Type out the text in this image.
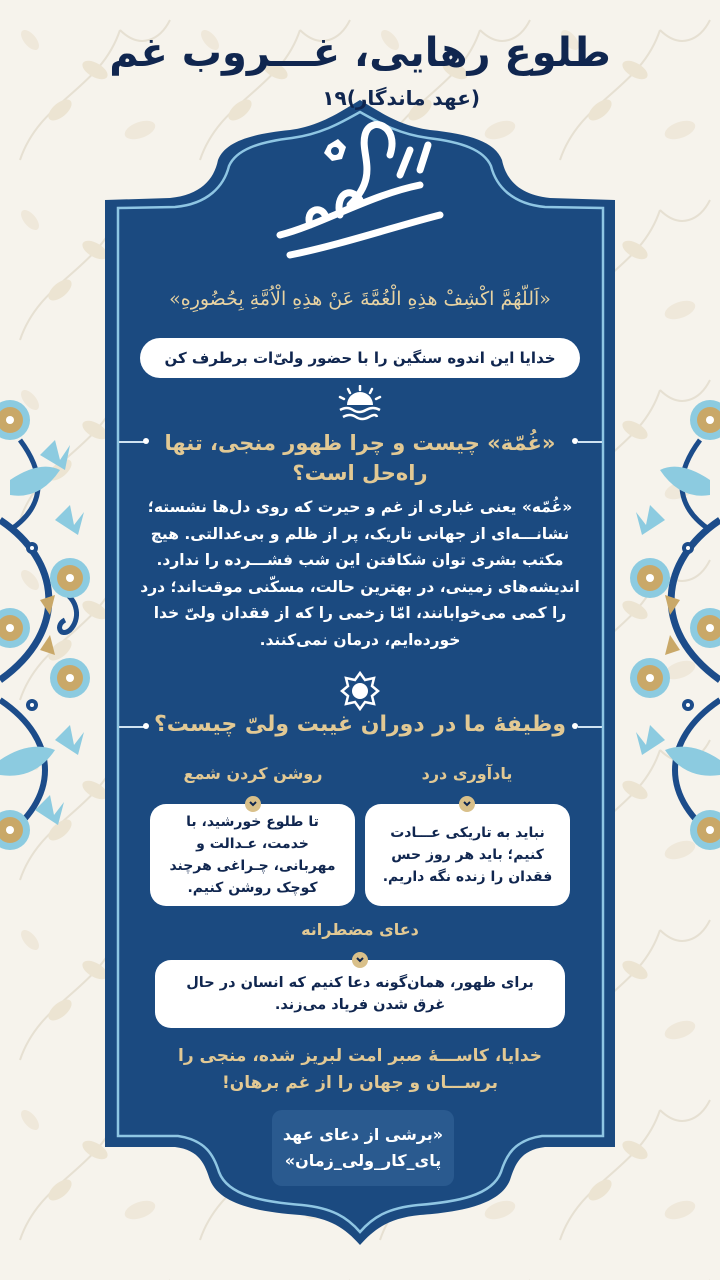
طلوع رهایی، غـــروب غم
(عهد ماندگار)۱۹
«اَللّهُمَّ اكْشِفْ هذِهِ الْغُمَّةَ عَنْ هذِهِ الْاُمَّةِ بِحُضُورِهِ»
خدایا این اندوه سنگین را با حضور ولیّ‌ات برطرف کن
«غُمّة» چیست و چرا ظهور منجی، تنها راه‌حل است؟
«غُمّه» یعنی غباری از غم و حیرت که روی دل‌ها نشسته؛ نشانـــه‌ای از جهانی تاریک، پر از ظلم و بی‌عدالتی. هیچ مکتب بشری توان شکافتن این شب فشـــرده را ندارد. اندیشه‌های زمینی، در بهترین حالت، مسکّنی موقت‌اند؛ درد را کمی می‌خوابانند، امّا زخمی را که از فقدان ولیّ خدا خورده‌ایم، درمان نمی‌کنند.
وظیفهٔ ما در دوران غیبت ولیّ چیست؟
یادآوری درد
نباید به تاریکی عـــادت کنیم؛ باید هر روز حس فقدان را زنده نگه داریم.
روشن کردن شمع
تا طلوع خورشید، با خدمت، عـدالت و مهربانی، چـراغی هرچند کوچک روشن کنیم.
دعای مضطرانه
برای ظهور، همان‌گونه دعا کنیم که انسان در حال غرق شدن فریاد می‌زند.
خدایا، کاســـهٔ صبر امت لبریز شده، منجی را برســـان و جهان را از غم برهان!
«برشی از دعای عهد
پای_کار_ولی_زمان»
